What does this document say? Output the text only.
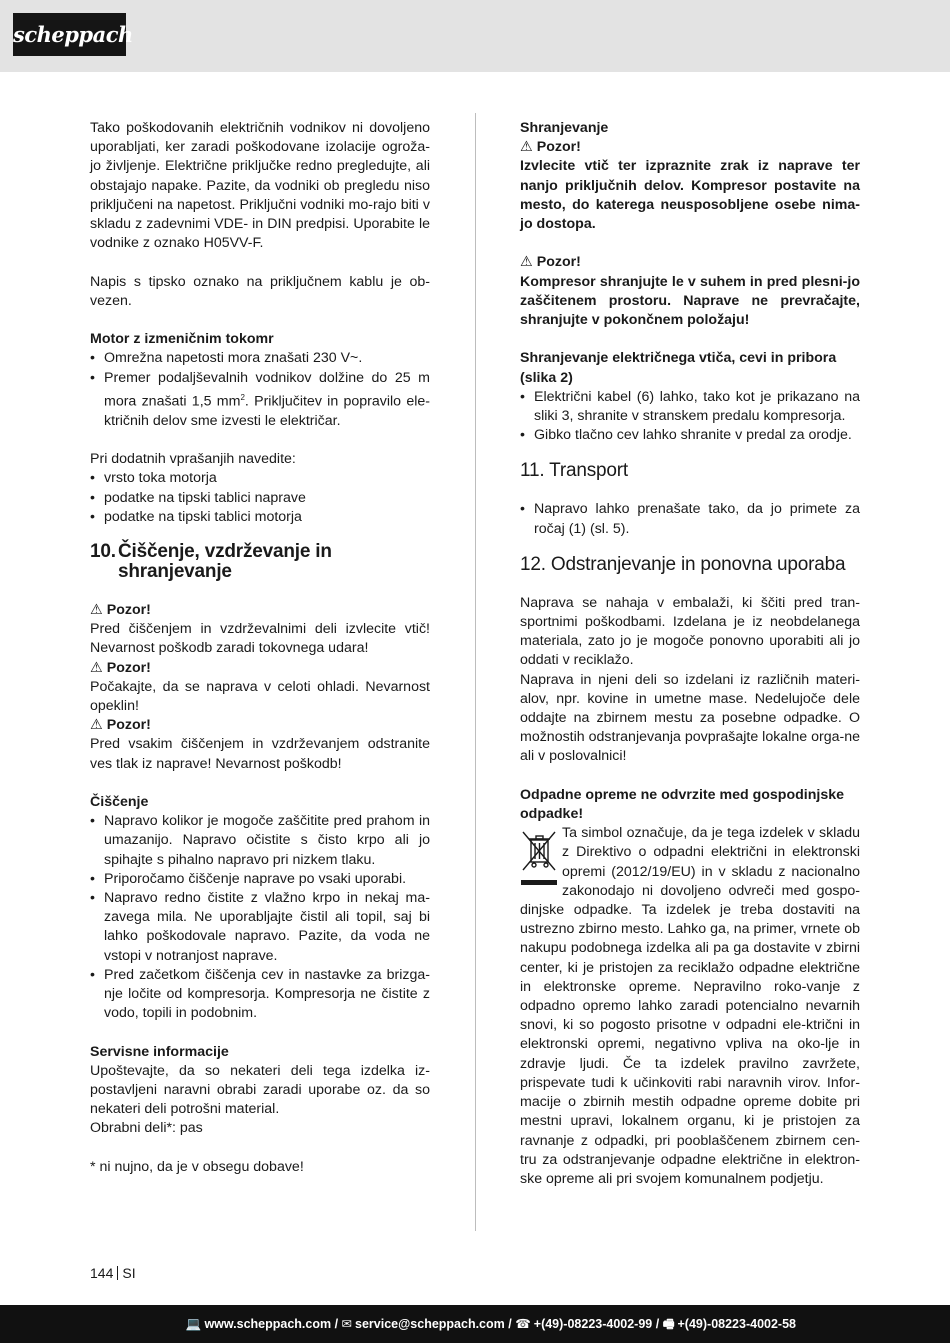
scheppach

Tako poškodovanih električnih vodnikov ni dovoljeno uporabljati, ker zaradi poškodovane izolacije ogroža-jo življenje. Električne priključke redno pregledujte, ali obstajajo napake. Pazite, da vodniki ob pregledu niso priključeni na napetost. Priključni vodniki mo-rajo biti v skladu z zadevnimi VDE- in DIN predpisi. Uporabite le vodnike z oznako H05VV-F.

Napis s tipsko oznako na priključnem kablu je ob-vezen.

Motor z izmeničnim tokomr

• Omrežna napetosti mora znašati 230 V~.
• Premer podaljševalnih vodnikov dolžine do 25 m mora znašati 1,5 $mm^2$. Priključitev in popravilo ele-ktričnih delov sme izvesti le električar.

Pri dodatnih vprašanjih navedite:

• vrsto toka motorja
• podatke na tipski tablici naprave
• podatke na tipski tablici motorja
10. Čiščenje, vzdrževanje in shranjevanje

⚠ Pozor!

Pred čiščenjem in vzdrževalnimi deli izvlecite vtič! Nevarnost poškodb zaradi tokovnega udara!

⚠ Pozor!

Počakajte, da se naprava v celoti ohladi. Nevarnost opeklin!

⚠ Pozor!

Pred vsakim čiščenjem in vzdrževanjem odstranite ves tlak iz naprave! Nevarnost poškodb!

Čiščenje

• Napravo kolikor je mogoče zaščitite pred prahom in umazanijo. Napravo očistite s čisto krpo ali jo spihajte s pihalno napravo pri nizkem tlaku.
• Priporočamo čiščenje naprave po vsaki uporabi.
• Napravo redno čistite z vlažno krpo in nekaj ma-zavega mila. Ne uporabljajte čistil ali topil, saj bi lahko poškodovale napravo. Pazite, da voda ne vstopi v notranjost naprave.
• Pred začetkom čiščenja cev in nastavke za brizga-nje ločite od kompresorja. Kompresorja ne čistite z vodo, topili in podobnim.

Servisne informacije

Upoštevajte, da so nekateri deli tega izdelka iz-postavljeni naravni obrabi zaradi uporabe oz. da so nekateri deli potrošni material.

Obrabni deli*: pas

* ni nujno, da je v obsegu dobave!

Shranjevanje

⚠ Pozor!

Izvlecite vtič ter izpraznite zrak iz naprave ter nanjo priključnih delov. Kompresor postavite na mesto, do katerega neusposobljene osebe nima-jo dostopa.

⚠ Pozor!

Kompresor shranjujte le v suhem in pred plesni-jo zaščitenem prostoru. Naprave ne prevračajte, shranjujte v pokončnem položaju!

Shranjevanje električnega vtiča, cevi in pribora (slika 2)

• Električni kabel (6) lahko, tako kot je prikazano na sliki 3, shranite v stranskem predalu kompresorja.
• Gibko tlačno cev lahko shranite v predal za orodje.
11. Transport
• Napravo lahko prenašate tako, da jo primete za ročaj (1) (sl. 5).
12. Odstranjevanje in ponovna uporaba

Naprava se nahaja v embalaži, ki ščiti pred tran-sportnimi poškodbami. Izdelana je iz neobdelanega materiala, zato jo je mogoče ponovno uporabiti ali jo oddati v reciklažo.

Naprava in njeni deli so izdelani iz različnih materi-alov, npr. kovine in umetne mase. Nedelujoče dele oddajte na zbirnem mestu za posebne odpadke. O možnostih odstranjevanja povprašajte lokalne orga-ne ali v poslovalnici!

Odpadne opreme ne odvrzite med gospodinjske odpadke!

Ta simbol označuje, da je tega izdelek v skladu z Direktivo o odpadni električni in elektronski opremi (2012/19/EU) in v skladu z nacionalno zakonodajo ni dovoljeno odvreči med gospo-dinjske odpadke. Ta izdelek je treba dostaviti na ustrezno zbirno mesto. Lahko ga, na primer, vrnete ob nakupu podobnega izdelka ali pa ga dostavite v zbirni center, ki je pristojen za reciklažo odpadne električne in elektronske opreme. Nepravilno roko-vanje z odpadno opremo lahko zaradi potencialno nevarnih snovi, ki so pogosto prisotne v odpadni ele-ktrični in elektronski opremi, negativno vpliva na oko-lje in zdravje ljudi. Če ta izdelek pravilno zavržete, prispevate tudi k učinkoviti rabi naravnih virov. Infor-macije o zbirnih mestih odpadne opreme dobite pri mestni upravi, lokalnem organu, ki je pristojen za ravnanje z odpadki, pri pooblaščenem zbirnem cen-tru za odstranjevanje odpadne električne in elektron-ske opreme ali pri svojem komunalnem podjetju.

144 SI
💻 www.scheppach.com / ✉ service@scheppach.com / ☎ +(49)-08223-4002-99 / 🖷 +(49)-08223-4002-58
